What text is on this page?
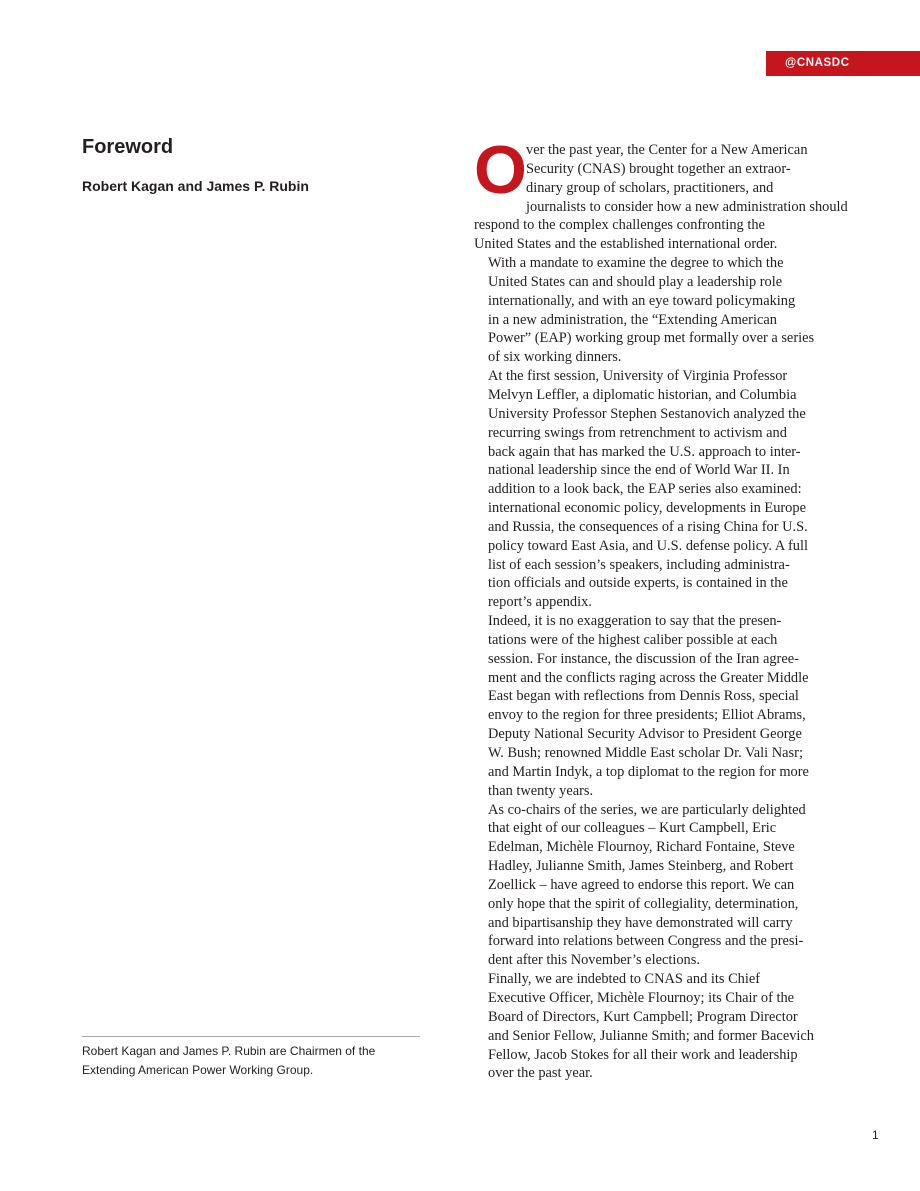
@CNASDC
Foreword
Robert Kagan and James P. Rubin

Robert Kagan and James P. Rubin are Chairmen of the
Extending American Power Working Group.

O ver the past year, the Center for a New American
Security (CNAS) brought together an extraor-
dinary group of scholars, practitioners, and
journalists to consider how a new administration should
respond to the complex challenges confronting the
United States and the established international order.

With a mandate to examine the degree to which the
United States can and should play a leadership role
internationally, and with an eye toward policymaking
in a new administration, the “Extending American
Power” (EAP) working group met formally over a series
of six working dinners.

At the first session, University of Virginia Professor
Melvyn Leffler, a diplomatic historian, and Columbia
University Professor Stephen Sestanovich analyzed the
recurring swings from retrenchment to activism and
back again that has marked the U.S. approach to inter-
national leadership since the end of World War II. In
addition to a look back, the EAP series also examined:
international economic policy, developments in Europe
and Russia, the consequences of a rising China for U.S.
policy toward East Asia, and U.S. defense policy. A full
list of each session’s speakers, including administra-
tion officials and outside experts, is contained in the
report’s appendix.

Indeed, it is no exaggeration to say that the presen-
tations were of the highest caliber possible at each
session. For instance, the discussion of the Iran agree-
ment and the conflicts raging across the Greater Middle
East began with reflections from Dennis Ross, special
envoy to the region for three presidents; Elliot Abrams,
Deputy National Security Advisor to President George
W. Bush; renowned Middle East scholar Dr. Vali Nasr;
and Martin Indyk, a top diplomat to the region for more
than twenty years.

As co-chairs of the series, we are particularly delighted
that eight of our colleagues – Kurt Campbell, Eric
Edelman, Michèle Flournoy, Richard Fontaine, Steve
Hadley, Julianne Smith, James Steinberg, and Robert
Zoellick – have agreed to endorse this report. We can
only hope that the spirit of collegiality, determination,
and bipartisanship they have demonstrated will carry
forward into relations between Congress and the presi-
dent after this November’s elections.

Finally, we are indebted to CNAS and its Chief
Executive Officer, Michèle Flournoy; its Chair of the
Board of Directors, Kurt Campbell; Program Director
and Senior Fellow, Julianne Smith; and former Bacevich
Fellow, Jacob Stokes for all their work and leadership
over the past year.

1
